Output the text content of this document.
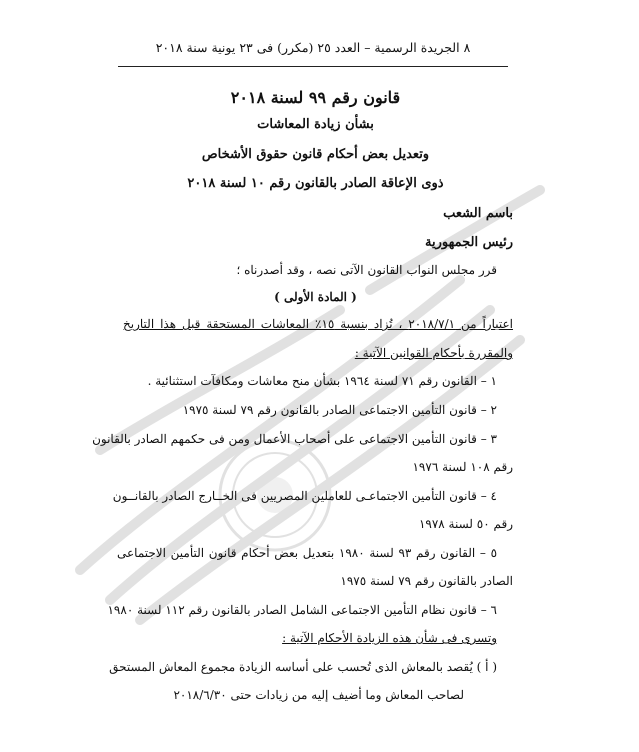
٨ الجريدة الرسمية – العدد ٢٥ (مكرر) فى ٢٣ يونية سنة ٢٠١٨
قانون رقم ٩٩ لسنة ٢٠١٨
بشأن زيادة المعاشات
وتعديل بعض أحكام قانون حقوق الأشخاص
ذوى الإعاقة الصادر بالقانون رقم ١٠ لسنة ٢٠١٨
باسم الشعب
رئيس الجمهورية
قرر مجلس النواب القانون الآتى نصه ، وقد أصدرناه ؛
( المادة الأولى )
اعتباراً من ٢٠١٨/٧/١ ، تُزاد بنسبة ١٥٪ المعاشات المستحقة قبل هذا التاريخ
والمقررة بأحكام القوانين الآتية :
١ – القانون رقم ٧١ لسنة ١٩٦٤ بشأن منح معاشات ومكافآت استثنائية .
٢ – قانون التأمين الاجتماعى الصادر بالقانون رقم ٧٩ لسنة ١٩٧٥
٣ – قانون التأمين الاجتماعى على أصحاب الأعمال ومن فى حكمهم الصادر بالقانون
رقم ١٠٨ لسنة ١٩٧٦
٤ – قانون التأمين الاجتماعـى للعاملين المصريين فى الخــارج الصادر بالقانــون
رقم ٥٠ لسنة ١٩٧٨
٥ – القانون رقم ٩٣ لسنة ١٩٨٠ بتعديل بعض أحكام قانون التأمين الاجتماعى
الصادر بالقانون رقم ٧٩ لسنة ١٩٧٥
٦ – قانون نظام التأمين الاجتماعى الشامل الصادر بالقانون رقم ١١٢ لسنة ١٩٨٠
وتسرى فى شأن هذه الزيادة الأحكام الآتية :
( أ ) يُقصد بالمعاش الذى تُحسب على أساسه الزيادة مجموع المعاش المستحق
لصاحب المعاش وما أضيف إليه من زيادات حتى ٢٠١٨/٦/٣٠
